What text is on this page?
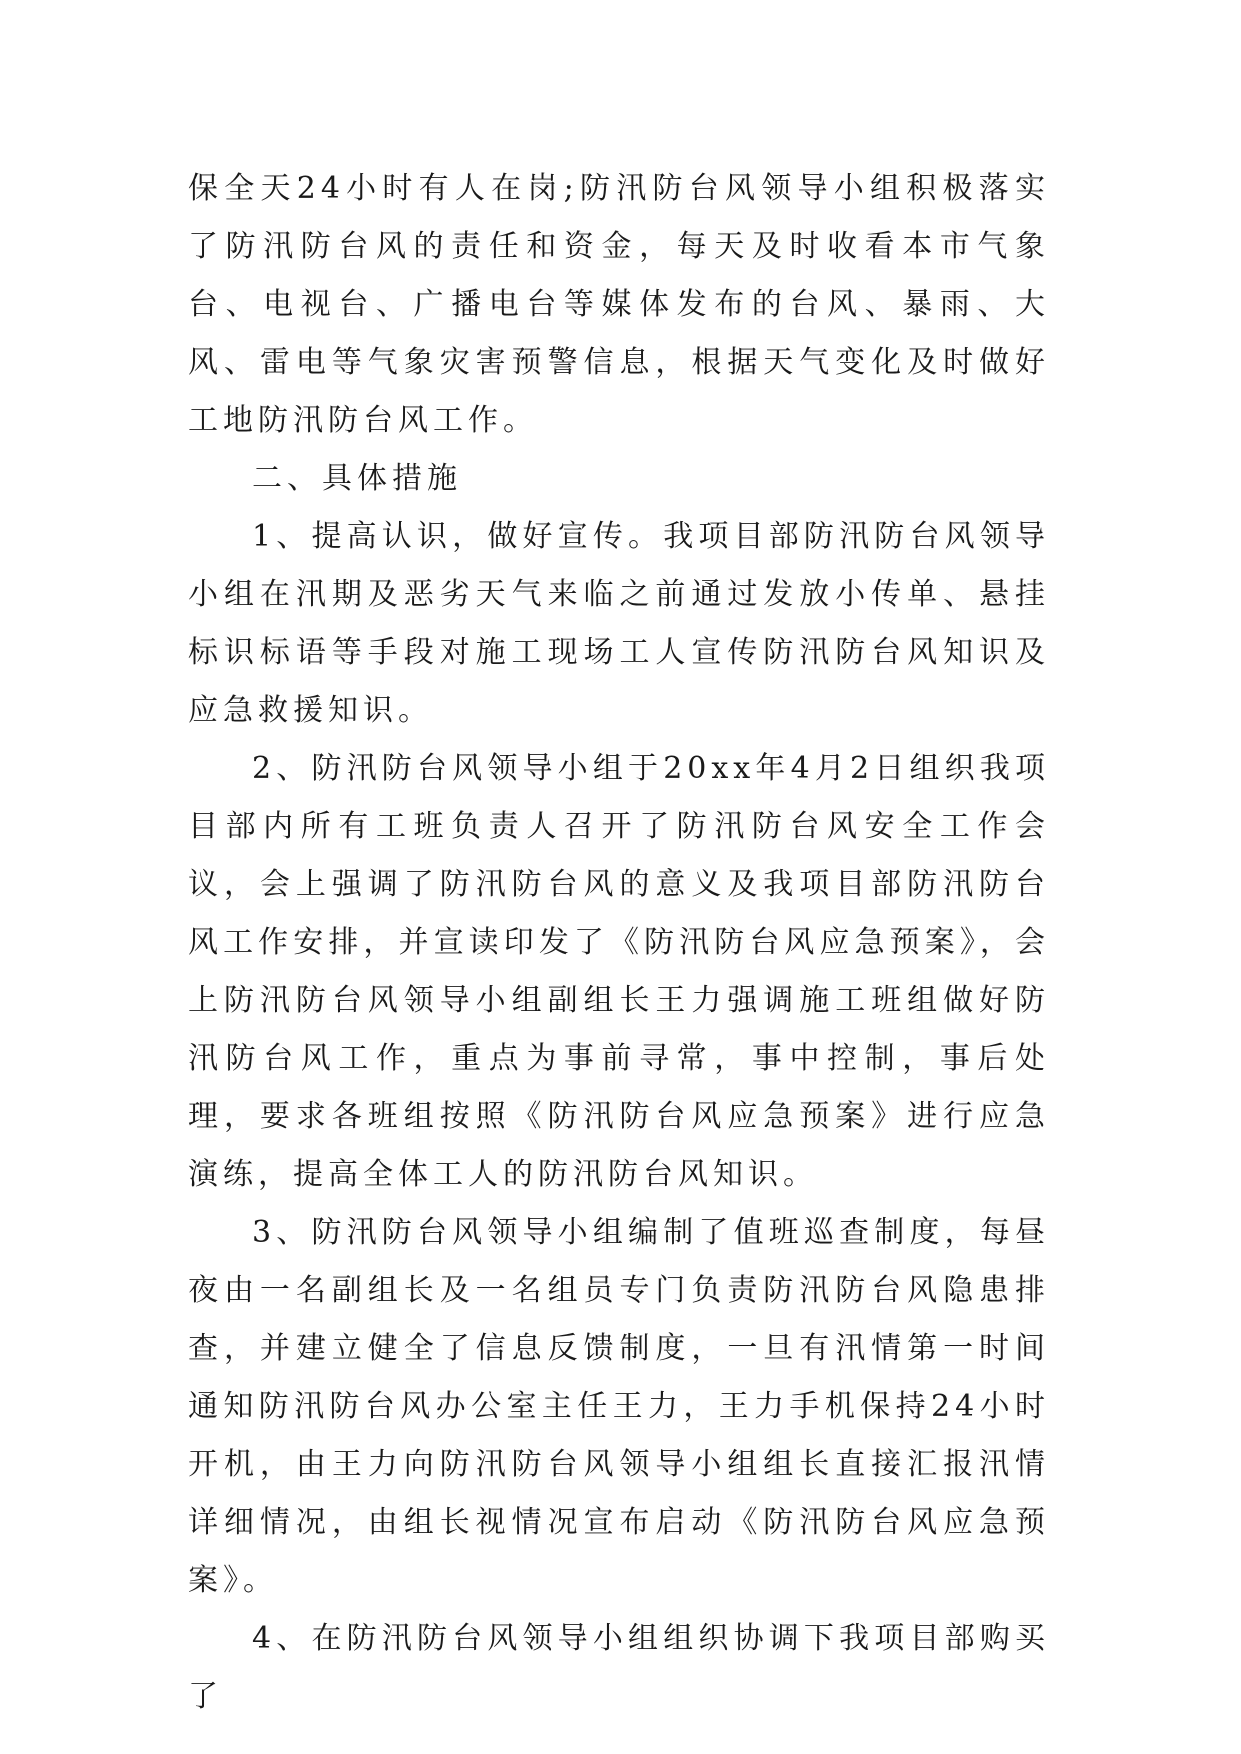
保全天24小时有人在岗;防汛防台风领导小组积极落实了防汛防台风的责任和资金，每天及时收看本市气象台、电视台、广播电台等媒体发布的台风、暴雨、大风、雷电等气象灾害预警信息，根据天气变化及时做好工地防汛防台风工作。

二、具体措施

1、提高认识，做好宣传。我项目部防汛防台风领导小组在汛期及恶劣天气来临之前通过发放小传单、悬挂标识标语等手段对施工现场工人宣传防汛防台风知识及应急救援知识。

2、防汛防台风领导小组于20xx年4月2日组织我项目部内所有工班负责人召开了防汛防台风安全工作会议，会上强调了防汛防台风的意义及我项目部防汛防台风工作安排，并宣读印发了《防汛防台风应急预案》，会上防汛防台风领导小组副组长王力强调施工班组做好防汛防台风工作，重点为事前寻常，事中控制，事后处理，要求各班组按照《防汛防台风应急预案》进行应急演练，提高全体工人的防汛防台风知识。

3、防汛防台风领导小组编制了值班巡查制度，每昼夜由一名副组长及一名组员专门负责防汛防台风隐患排查，并建立健全了信息反馈制度，一旦有汛情第一时间通知防汛防台风办公室主任王力，王力手机保持24小时开机，由王力向防汛防台风领导小组组长直接汇报汛情详细情况，由组长视情况宣布启动《防汛防台风应急预案》。

4、在防汛防台风领导小组组织协调下我项目部购买了
